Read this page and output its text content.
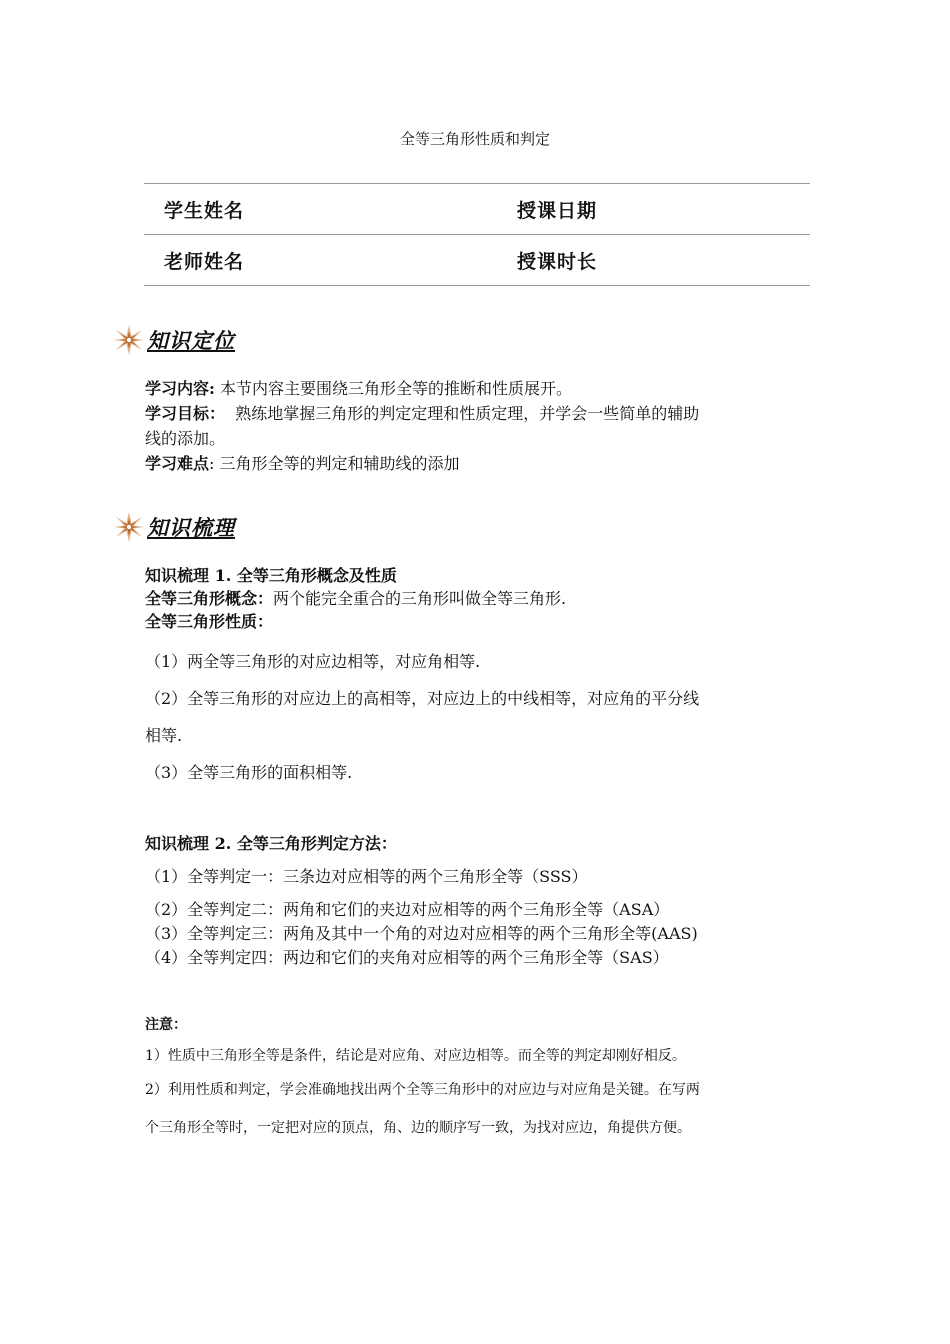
全等三角形性质和判定
学生姓名	授课日期
老师姓名	授课时长
知识定位
学习内容: 本节内容主要围绕三角形全等的推断和性质展开。
学习目标：  熟练地掌握三角形的判定定理和性质定理，并学会一些简单的辅助
线的添加。
学习难点: 三角形全等的判定和辅助线的添加
知识梳理
知识梳理 1. 全等三角形概念及性质
全等三角形概念：两个能完全重合的三角形叫做全等三角形.
全等三角形性质：
（1）两全等三角形的对应边相等，对应角相等.
（2）全等三角形的对应边上的高相等，对应边上的中线相等，对应角的平分线
相等.
（3）全等三角形的面积相等.
知识梳理 2. 全等三角形判定方法：
（1）全等判定一：三条边对应相等的两个三角形全等（SSS）
（2）全等判定二：两角和它们的夹边对应相等的两个三角形全等（ASA）
（3）全等判定三：两角及其中一个角的对边对应相等的两个三角形全等(AAS)
（4）全等判定四：两边和它们的夹角对应相等的两个三角形全等（SAS）
注意：
1）性质中三角形全等是条件，结论是对应角、对应边相等。而全等的判定却刚好相反。
2）利用性质和判定，学会准确地找出两个全等三角形中的对应边与对应角是关键。在写两
个三角形全等时，一定把对应的顶点，角、边的顺序写一致，为找对应边，角提供方便。
